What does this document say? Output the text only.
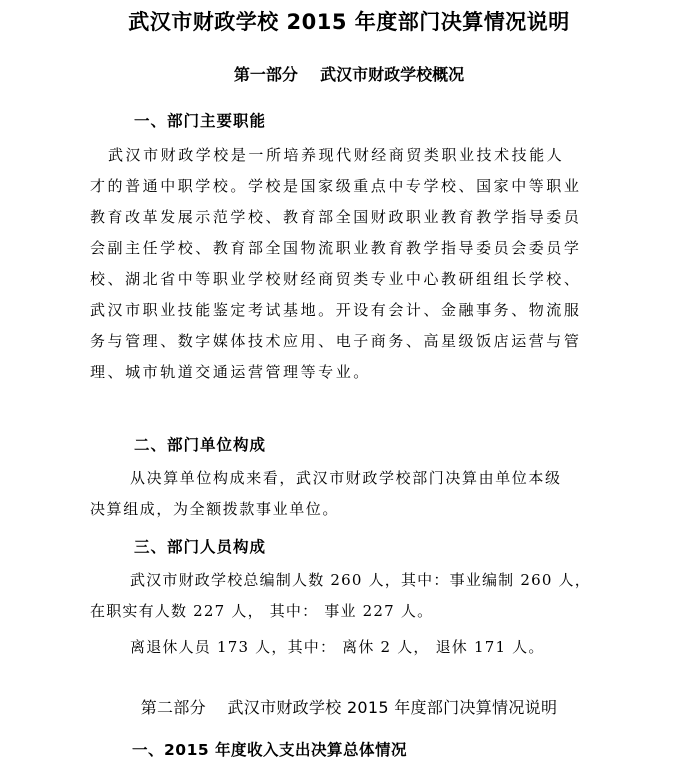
武汉市财政学校 2015 年度部门决算情况说明
第一部分    武汉市财政学校概况
一、部门主要职能
武汉市财政学校是一所培养现代财经商贸类职业技术技能人
才的普通中职学校。学校是国家级重点中专学校、国家中等职业
教育改革发展示范学校、教育部全国财政职业教育教学指导委员
会副主任学校、教育部全国物流职业教育教学指导委员会委员学
校、湖北省中等职业学校财经商贸类专业中心教研组组长学校、
武汉市职业技能鉴定考试基地。开设有会计、金融事务、物流服
务与管理、数字媒体技术应用、电子商务、高星级饭店运营与管
理、城市轨道交通运营管理等专业。
二、部门单位构成
从决算单位构成来看，武汉市财政学校部门决算由单位本级
决算组成，为全额拨款事业单位。
三、部门人员构成
武汉市财政学校总编制人数 260 人，其中：事业编制 260 人，
在职实有人数 227 人， 其中： 事业 227 人。
离退休人员 173 人，其中： 离休 2 人， 退休 171 人。
第二部分    武汉市财政学校 2015 年度部门决算情况说明
一、2015 年度收入支出决算总体情况
